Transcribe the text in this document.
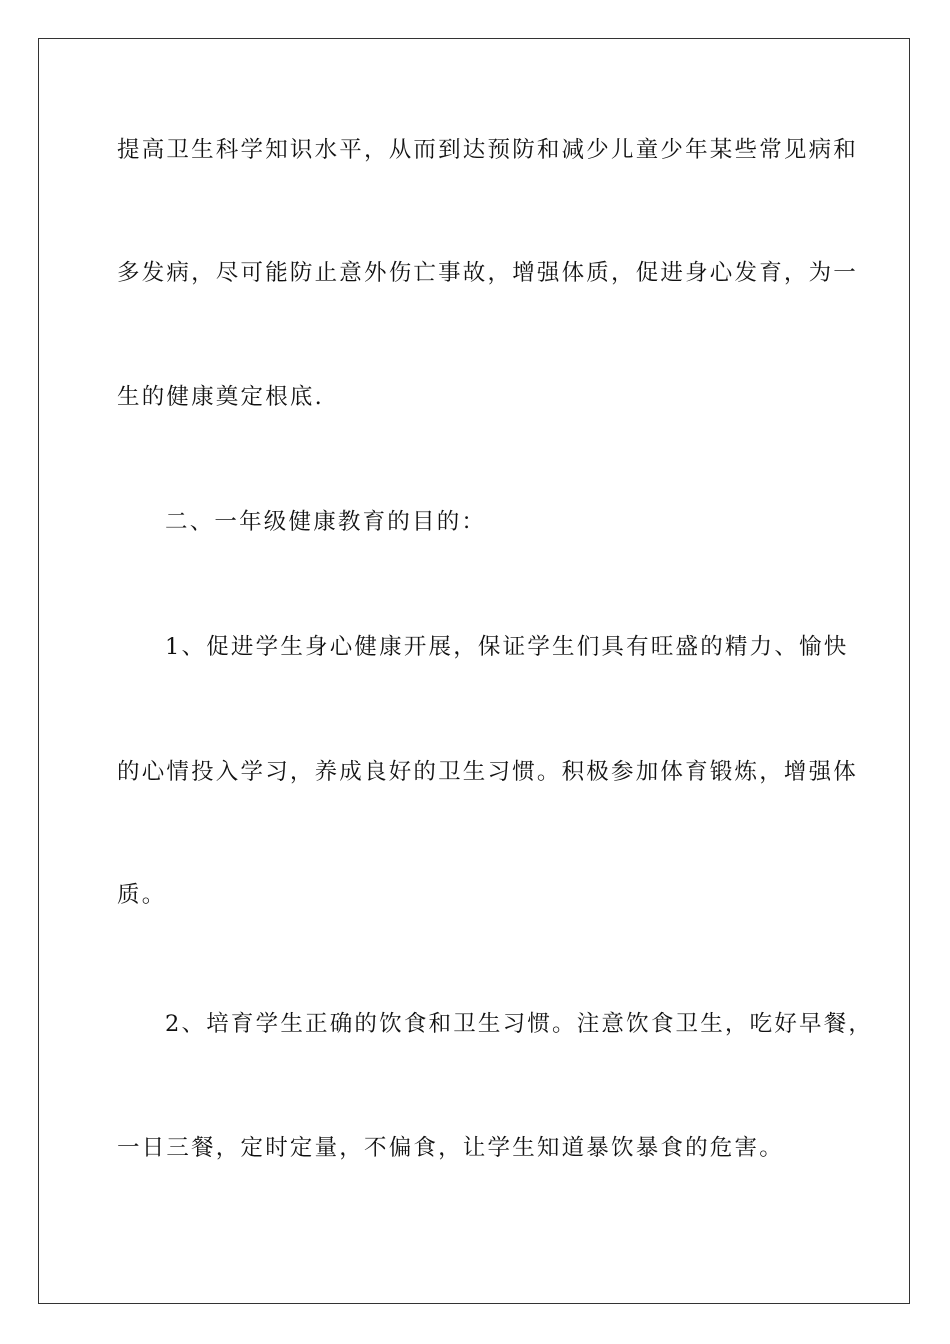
提高卫生科学知识水平，从而到达预防和减少儿童少年某些常见病和
多发病，尽可能防止意外伤亡事故，增强体质，促进身心发育，为一
生的健康奠定根底.
二、一年级健康教育的目的：
1、促进学生身心健康开展，保证学生们具有旺盛的精力、愉快
的心情投入学习，养成良好的卫生习惯。积极参加体育锻炼，增强体
质。
2、培育学生正确的饮食和卫生习惯。注意饮食卫生，吃好早餐，
一日三餐，定时定量，不偏食，让学生知道暴饮暴食的危害。
